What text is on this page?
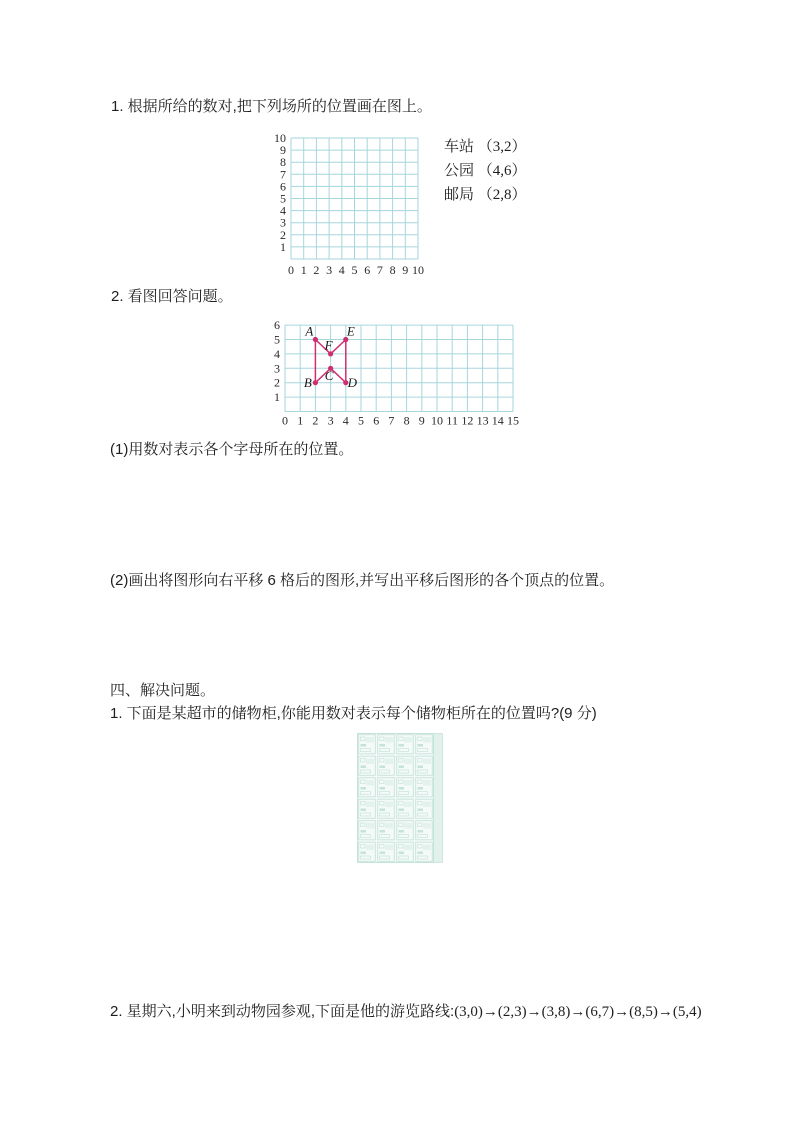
1. 根据所给的数对,把下列场所的位置画在图上。

0 1 2 3 4 5 6 7 8 9 10
1
2
3
4
5
6
7
8
9
10
车站 （3,2）
公园 （4,6）
邮局 （2,8）

2. 看图回答问题。

0 1 2 3 4 5 6 7 8 9 10 11 12 13 14 15
1
2
3
4
5
6 A
B C D
E
F

(1)用数对表示各个字母所在的位置。

(2)画出将图形向右平移 6 格后的图形,并写出平移后图形的各个顶点的位置。

四、解决问题。

1. 下面是某超市的储物柜,你能用数对表示每个储物柜所在的位置吗?(9 分)

2. 星期六,小明来到动物园参观,下面是他的游览路线:(3,0)→(2,3)→(3,8)→(6,7)→(8,5)→(5,4)
